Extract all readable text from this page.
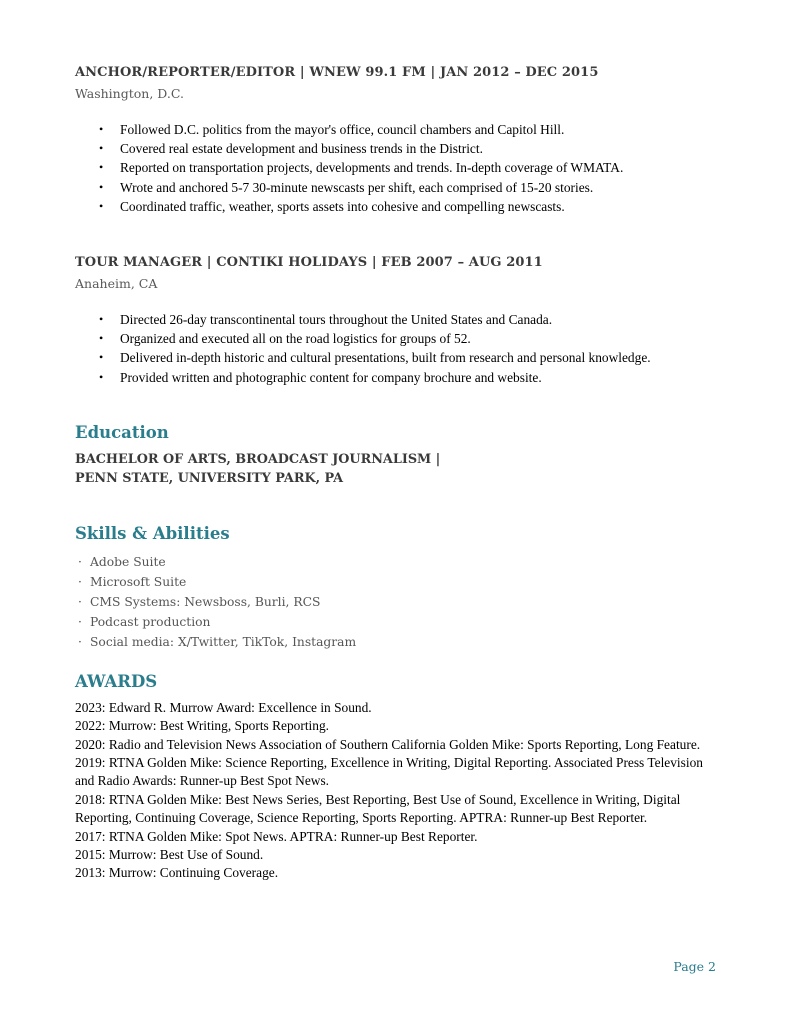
ANCHOR/REPORTER/EDITOR | WNEW 99.1 FM | JAN 2012 – DEC 2015
Washington, D.C.
•	Followed D.C. politics from the mayor's office, council chambers and Capitol Hill.
•	Covered real estate development and business trends in the District.
•	Reported on transportation projects, developments and trends. In-depth coverage of WMATA.
•	Wrote and anchored 5-7 30-minute newscasts per shift, each comprised of 15-20 stories.
•	Coordinated traffic, weather, sports assets into cohesive and compelling newscasts.
TOUR MANAGER | CONTIKI HOLIDAYS | FEB 2007 – AUG 2011
Anaheim, CA
•	Directed 26-day transcontinental tours throughout the United States and Canada.
•	Organized and executed all on the road logistics for groups of 52.
•	Delivered in-depth historic and cultural presentations, built from research and personal knowledge.
•	Provided written and photographic content for company brochure and website.
Education
BACHELOR OF ARTS, BROADCAST JOURNALISM |
PENN STATE, UNIVERSITY PARK, PA
Skills & Abilities
· Adobe Suite
· Microsoft Suite
· CMS Systems: Newsboss, Burli, RCS
· Podcast production
· Social media: X/Twitter, TikTok, Instagram
AWARDS

2023: Edward R. Murrow Award: Excellence in Sound.

2022: Murrow: Best Writing, Sports Reporting.

2020: Radio and Television News Association of Southern California Golden Mike: Sports Reporting, Long Feature.

2019: RTNA Golden Mike: Science Reporting, Excellence in Writing, Digital Reporting. Associated Press Television and Radio Awards: Runner-up Best Spot News.

2018: RTNA Golden Mike: Best News Series, Best Reporting, Best Use of Sound, Excellence in Writing, Digital Reporting, Continuing Coverage, Science Reporting, Sports Reporting. APTRA: Runner-up Best Reporter.

2017: RTNA Golden Mike: Spot News. APTRA: Runner-up Best Reporter.

2015: Murrow: Best Use of Sound.

2013: Murrow: Continuing Coverage.

Page 2
